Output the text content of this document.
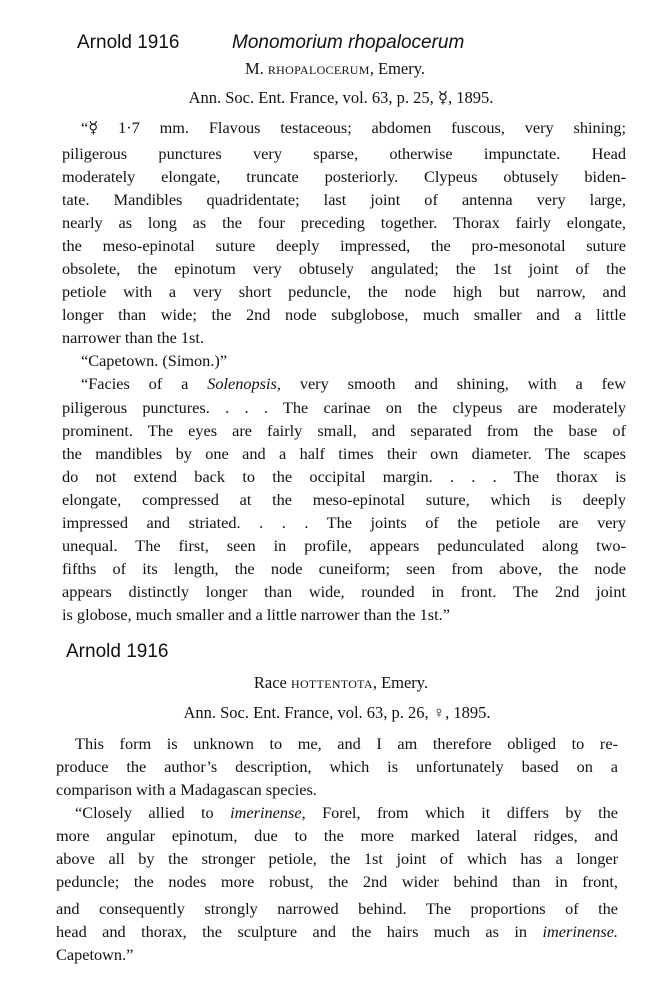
Arnold 1916	Monomorium rhopalocerum
M. rhopalocerum, Emery.
Ann. Soc. Ent. France, vol. 63, p. 25, ☿, 1895.
“☿ 1·7 mm. Flavous testaceous; abdomen fuscous, very shining;
piligerous punctures very sparse, otherwise impunctate. Head
moderately elongate, truncate posteriorly. Clypeus obtusely biden-
tate. Mandibles quadridentate; last joint of antenna very large,
nearly as long as the four preceding together. Thorax fairly elongate,
the meso-epinotal suture deeply impressed, the pro-mesonotal suture
obsolete, the epinotum very obtusely angulated; the 1st joint of the
petiole with a very short peduncle, the node high but narrow, and
longer than wide; the 2nd node subglobose, much smaller and a little
narrower than the 1st.
“Capetown. (Simon.)”
“Facies of a Solenopsis, very smooth and shining, with a few
piligerous punctures. . . . The carinae on the clypeus are moderately
prominent. The eyes are fairly small, and separated from the base of
the mandibles by one and a half times their own diameter. The scapes
do not extend back to the occipital margin. . . . The thorax is
elongate, compressed at the meso-epinotal suture, which is deeply
impressed and striated. . . . The joints of the petiole are very
unequal. The first, seen in profile, appears pedunculated along two-
fifths of its length, the node cuneiform; seen from above, the node
appears distinctly longer than wide, rounded in front. The 2nd joint
is globose, much smaller and a little narrower than the 1st.”
Arnold 1916
Race hottentota, Emery.
Ann. Soc. Ent. France, vol. 63, p. 26, ♀, 1895.
This form is unknown to me, and I am therefore obliged to re-
produce the author’s description, which is unfortunately based on a
comparison with a Madagascan species.
“Closely allied to imerinense, Forel, from which it differs by the
more angular epinotum, due to the more marked lateral ridges, and
above all by the stronger petiole, the 1st joint of which has a longer
peduncle; the nodes more robust, the 2nd wider behind than in front,
and consequently strongly narrowed behind. The proportions of the
head and thorax, the sculpture and the hairs much as in imerinense.
Capetown.”
